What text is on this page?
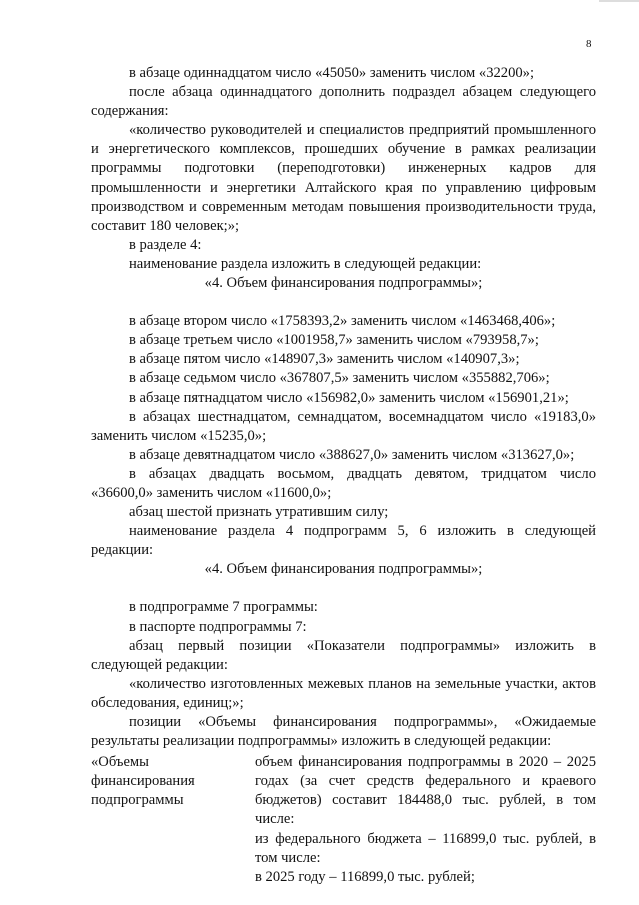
8

в абзаце одиннадцатом число «45050» заменить числом «32200»;

после абзаца одиннадцатого дополнить подраздел абзацем следующего содержания:

«количество руководителей и специалистов предприятий промышленного и энергетического комплексов, прошедших обучение в рамках реализации программы подготовки (переподготовки) инженерных кадров для промышленности и энергетики Алтайского края по управлению цифровым производством и современным методам повышения производительности труда, составит 180 человек;»;

в разделе 4:

наименование раздела изложить в следующей редакции:

«4. Объем финансирования подпрограммы»;

в абзаце втором число «1758393,2» заменить числом «1463468,406»;

в абзаце третьем число «1001958,7» заменить числом «793958,7»;

в абзаце пятом число «148907,3» заменить числом «140907,3»;

в абзаце седьмом число «367807,5» заменить числом «355882,706»;

в абзаце пятнадцатом число «156982,0» заменить числом «156901,21»;

в абзацах шестнадцатом, семнадцатом, восемнадцатом число «19183,0» заменить числом «15235,0»;

в абзаце девятнадцатом число «388627,0» заменить числом «313627,0»;

в абзацах двадцать восьмом, двадцать девятом, тридцатом число «36600,0» заменить числом «11600,0»;

абзац шестой признать утратившим силу;

наименование раздела 4 подпрограмм 5, 6 изложить в следующей редакции:

«4. Объем финансирования подпрограммы»;

в подпрограмме 7 программы:

в паспорте подпрограммы 7:

абзац первый позиции «Показатели подпрограммы» изложить в следующей редакции:

«количество изготовленных межевых планов на земельные участки, актов обследования, единиц;»;

позиции «Объемы финансирования подпрограммы», «Ожидаемые результаты реализации подпрограммы» изложить в следующей редакции:

«Объемы финансирования подпрограммы

объем финансирования подпрограммы в 2020 – 2025 годах (за счет средств федерального и краевого бюджетов) составит 184488,0 тыс. рублей, в том числе:

из федерального бюджета – 116899,0 тыс. рублей, в том числе:

в 2025 году – 116899,0 тыс. рублей;
